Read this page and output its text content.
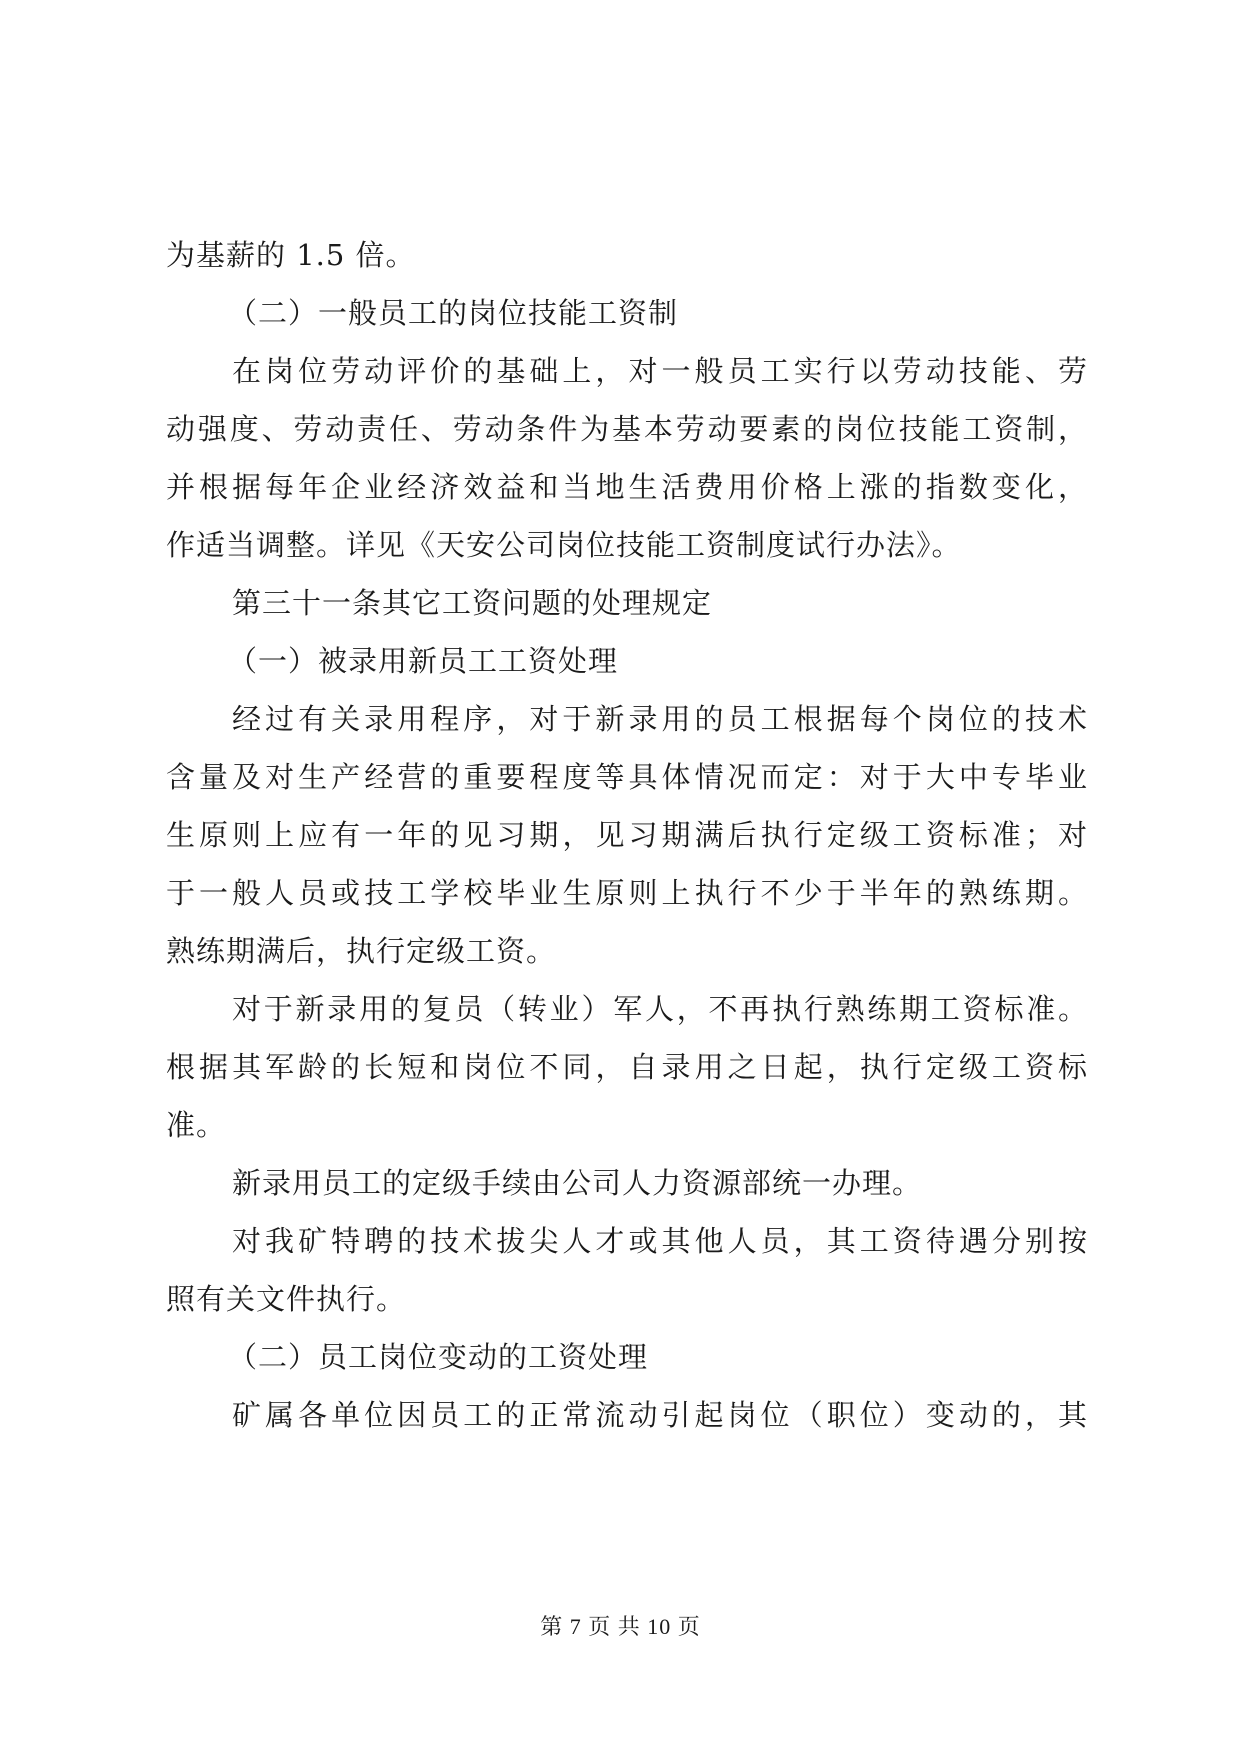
为基薪的 1.5 倍。
（二）一般员工的岗位技能工资制
在岗位劳动评价的基础上，对一般员工实行以劳动技能、劳
动强度、劳动责任、劳动条件为基本劳动要素的岗位技能工资制，
并根据每年企业经济效益和当地生活费用价格上涨的指数变化，
作适当调整。详见《天安公司岗位技能工资制度试行办法》。
第三十一条其它工资问题的处理规定
（一）被录用新员工工资处理
经过有关录用程序，对于新录用的员工根据每个岗位的技术
含量及对生产经营的重要程度等具体情况而定：对于大中专毕业
生原则上应有一年的见习期，见习期满后执行定级工资标准；对
于一般人员或技工学校毕业生原则上执行不少于半年的熟练期。
熟练期满后，执行定级工资。
对于新录用的复员（转业）军人，不再执行熟练期工资标准。
根据其军龄的长短和岗位不同，自录用之日起，执行定级工资标
准。
新录用员工的定级手续由公司人力资源部统一办理。
对我矿特聘的技术拔尖人才或其他人员，其工资待遇分别按
照有关文件执行。
（二）员工岗位变动的工资处理
矿属各单位因员工的正常流动引起岗位（职位）变动的，其
第 7 页 共 10 页
